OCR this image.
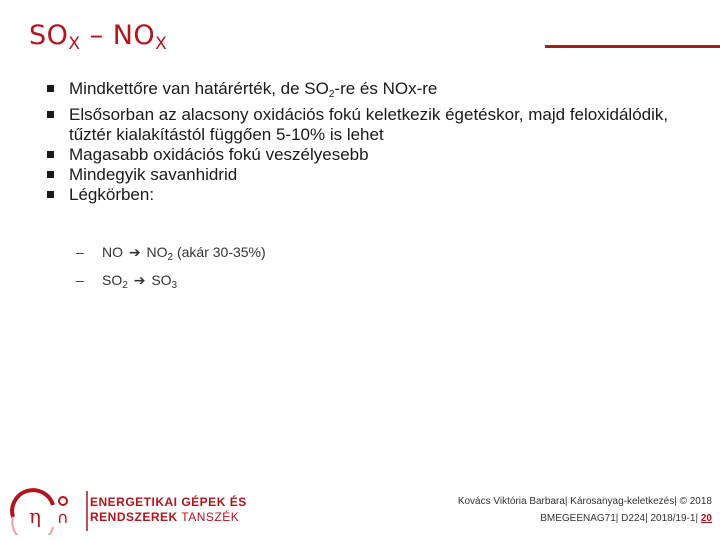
$SO_X - NO_X$
Mindkettőre van határérték, de $SO_2-re$ és NOx-re
Elsősorban az alacsony oxidációs fokú keletkezik égetéskor, majd feloxidálódik, tűztér kialakítástól függően 5-10% is lehet
Magasabb oxidációs fokú veszélyesebb
Mindegyik savanhidrid
Légkörben:
– NO ➔ $NO_2$ (akár 30-35%)
– $SO_2$ ➔ $SO_3$
η ∩
ENERGETIKAI GÉPEK ÉS
RENDSZEREK TANSZÉK
Kovács Viktória Barbara| Károsanyag-keletkezés| © 2018
BMEGEENAG71| D224| 2018/19-1| 20
